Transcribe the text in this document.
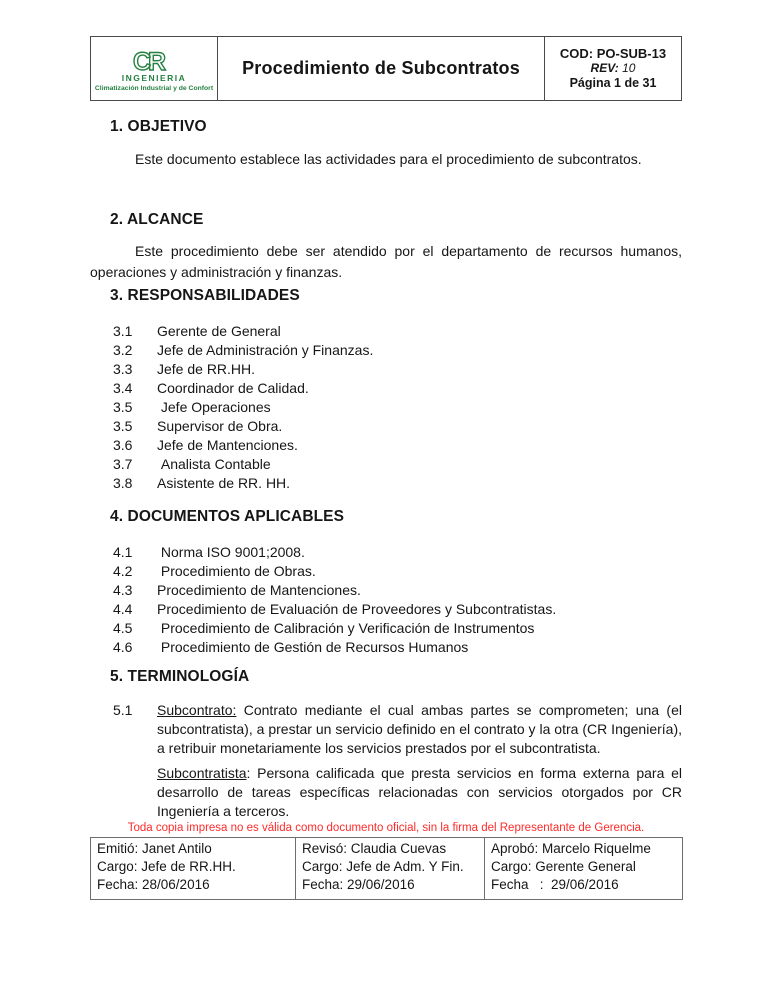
CR
INGENIERIA
Climatización Industrial y de Confort
Procedimiento de Subcontratos
COD: PO-SUB-13
REV: 10
Página 1 de 31
1. OBJETIVO

Este documento establece las actividades para el procedimiento de subcontratos.

2. ALCANCE

Este procedimiento debe ser atendido por el departamento de recursos humanos, operaciones y administración y finanzas.

3. RESPONSABILIDADES
3.1	Gerente de General
3.2	Jefe de Administración y Finanzas.
3.3	Jefe de RR.HH.
3.4	Coordinador de Calidad.
3.5	Jefe Operaciones
3.5	Supervisor de Obra.
3.6	Jefe de Mantenciones.
3.7	Analista Contable
3.8	Asistente de RR. HH.
4. DOCUMENTOS APLICABLES
4.1	Norma ISO 9001;2008.
4.2	Procedimiento de Obras.
4.3	Procedimiento de Mantenciones.
4.4	Procedimiento de Evaluación de Proveedores y Subcontratistas.
4.5	Procedimiento de Calibración y Verificación de Instrumentos
4.6	Procedimiento de Gestión de Recursos Humanos
5. TERMINOLOGÍA
5.1 Subcontrato: Contrato mediante el cual ambas partes se comprometen; una (el subcontratista), a prestar un servicio definido en el contrato y la otra (CR Ingeniería), a retribuir monetariamente los servicios prestados por el subcontratista.

Subcontratista: Persona calificada que presta servicios en forma externa para el desarrollo de tareas específicas relacionadas con servicios otorgados por CR Ingeniería a terceros.

Toda copia impresa no es válida como documento oficial, sin la firma del Representante de Gerencia.
Emitió: Janet Antilo
Cargo: Jefe de RR.HH.
Fecha: 28/06/2016
Revisó: Claudia Cuevas
Cargo: Jefe de Adm. Y Fin.
Fecha: 29/06/2016
Aprobó: Marcelo Riquelme
Cargo: Gerente General
Fecha   :  29/06/2016
